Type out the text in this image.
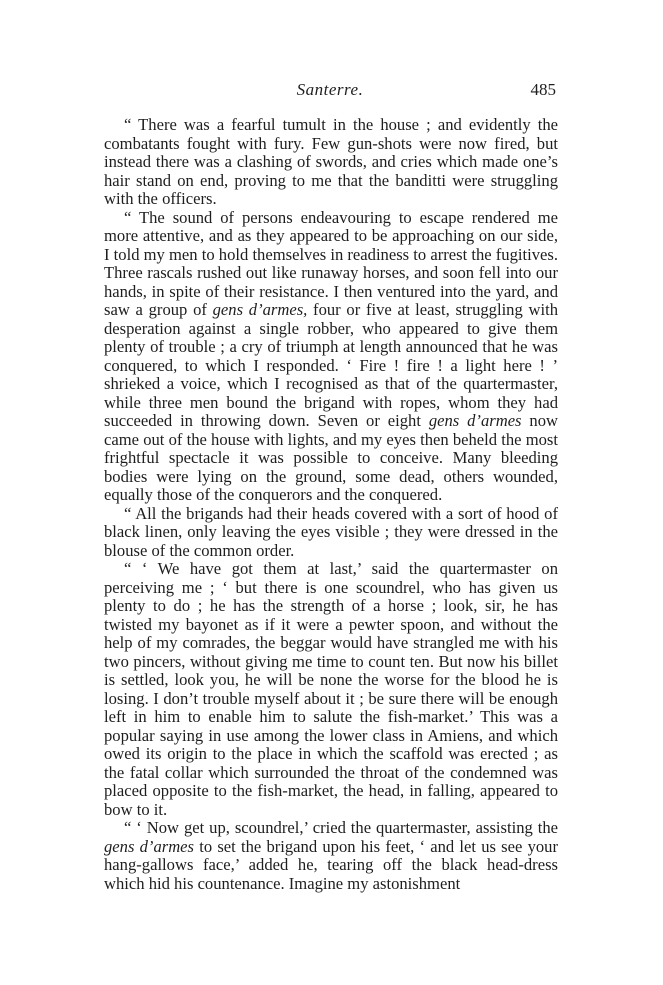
Santerre.	485

“ There was a fearful tumult in the house ; and evidently the combatants fought with fury. Few gun-shots were now fired, but instead there was a clashing of swords, and cries which made one’s hair stand on end, proving to me that the banditti were struggling with the officers.

“ The sound of persons endeavouring to escape rendered me more attentive, and as they appeared to be approaching on our side, I told my men to hold themselves in readiness to arrest the fugitives. Three rascals rushed out like runaway horses, and soon fell into our hands, in spite of their resistance. I then ventured into the yard, and saw a group of gens d’armes, four or five at least, struggling with desperation against a single robber, who appeared to give them plenty of trouble ; a cry of triumph at length announced that he was conquered, to which I responded. ‘ Fire ! fire ! a light here ! ’ shrieked a voice, which I recognised as that of the quartermaster, while three men bound the brigand with ropes, whom they had succeeded in throwing down. Seven or eight gens d’armes now came out of the house with lights, and my eyes then beheld the most frightful spectacle it was possible to conceive. Many bleeding bodies were lying on the ground, some dead, others wounded, equally those of the conquerors and the conquered.

“ All the brigands had their heads covered with a sort of hood of black linen, only leaving the eyes visible ; they were dressed in the blouse of the common order.

“ ‘ We have got them at last,’ said the quartermaster on perceiving me ; ‘ but there is one scoundrel, who has given us plenty to do ; he has the strength of a horse ; look, sir, he has twisted my bayonet as if it were a pewter spoon, and without the help of my comrades, the beggar would have strangled me with his two pincers, without giving me time to count ten. But now his billet is settled, look you, he will be none the worse for the blood he is losing. I don’t trouble myself about it ; be sure there will be enough left in him to enable him to salute the fish-market.’ This was a popular saying in use among the lower class in Amiens, and which owed its origin to the place in which the scaffold was erected ; as the fatal collar which surrounded the throat of the condemned was placed opposite to the fish-market, the head, in falling, appeared to bow to it.

“ ‘ Now get up, scoundrel,’ cried the quartermaster, assisting the gens d’armes to set the brigand upon his feet, ‘ and let us see your hang-gallows face,’ added he, tearing off the black head-dress which hid his countenance. Imagine my astonishment
